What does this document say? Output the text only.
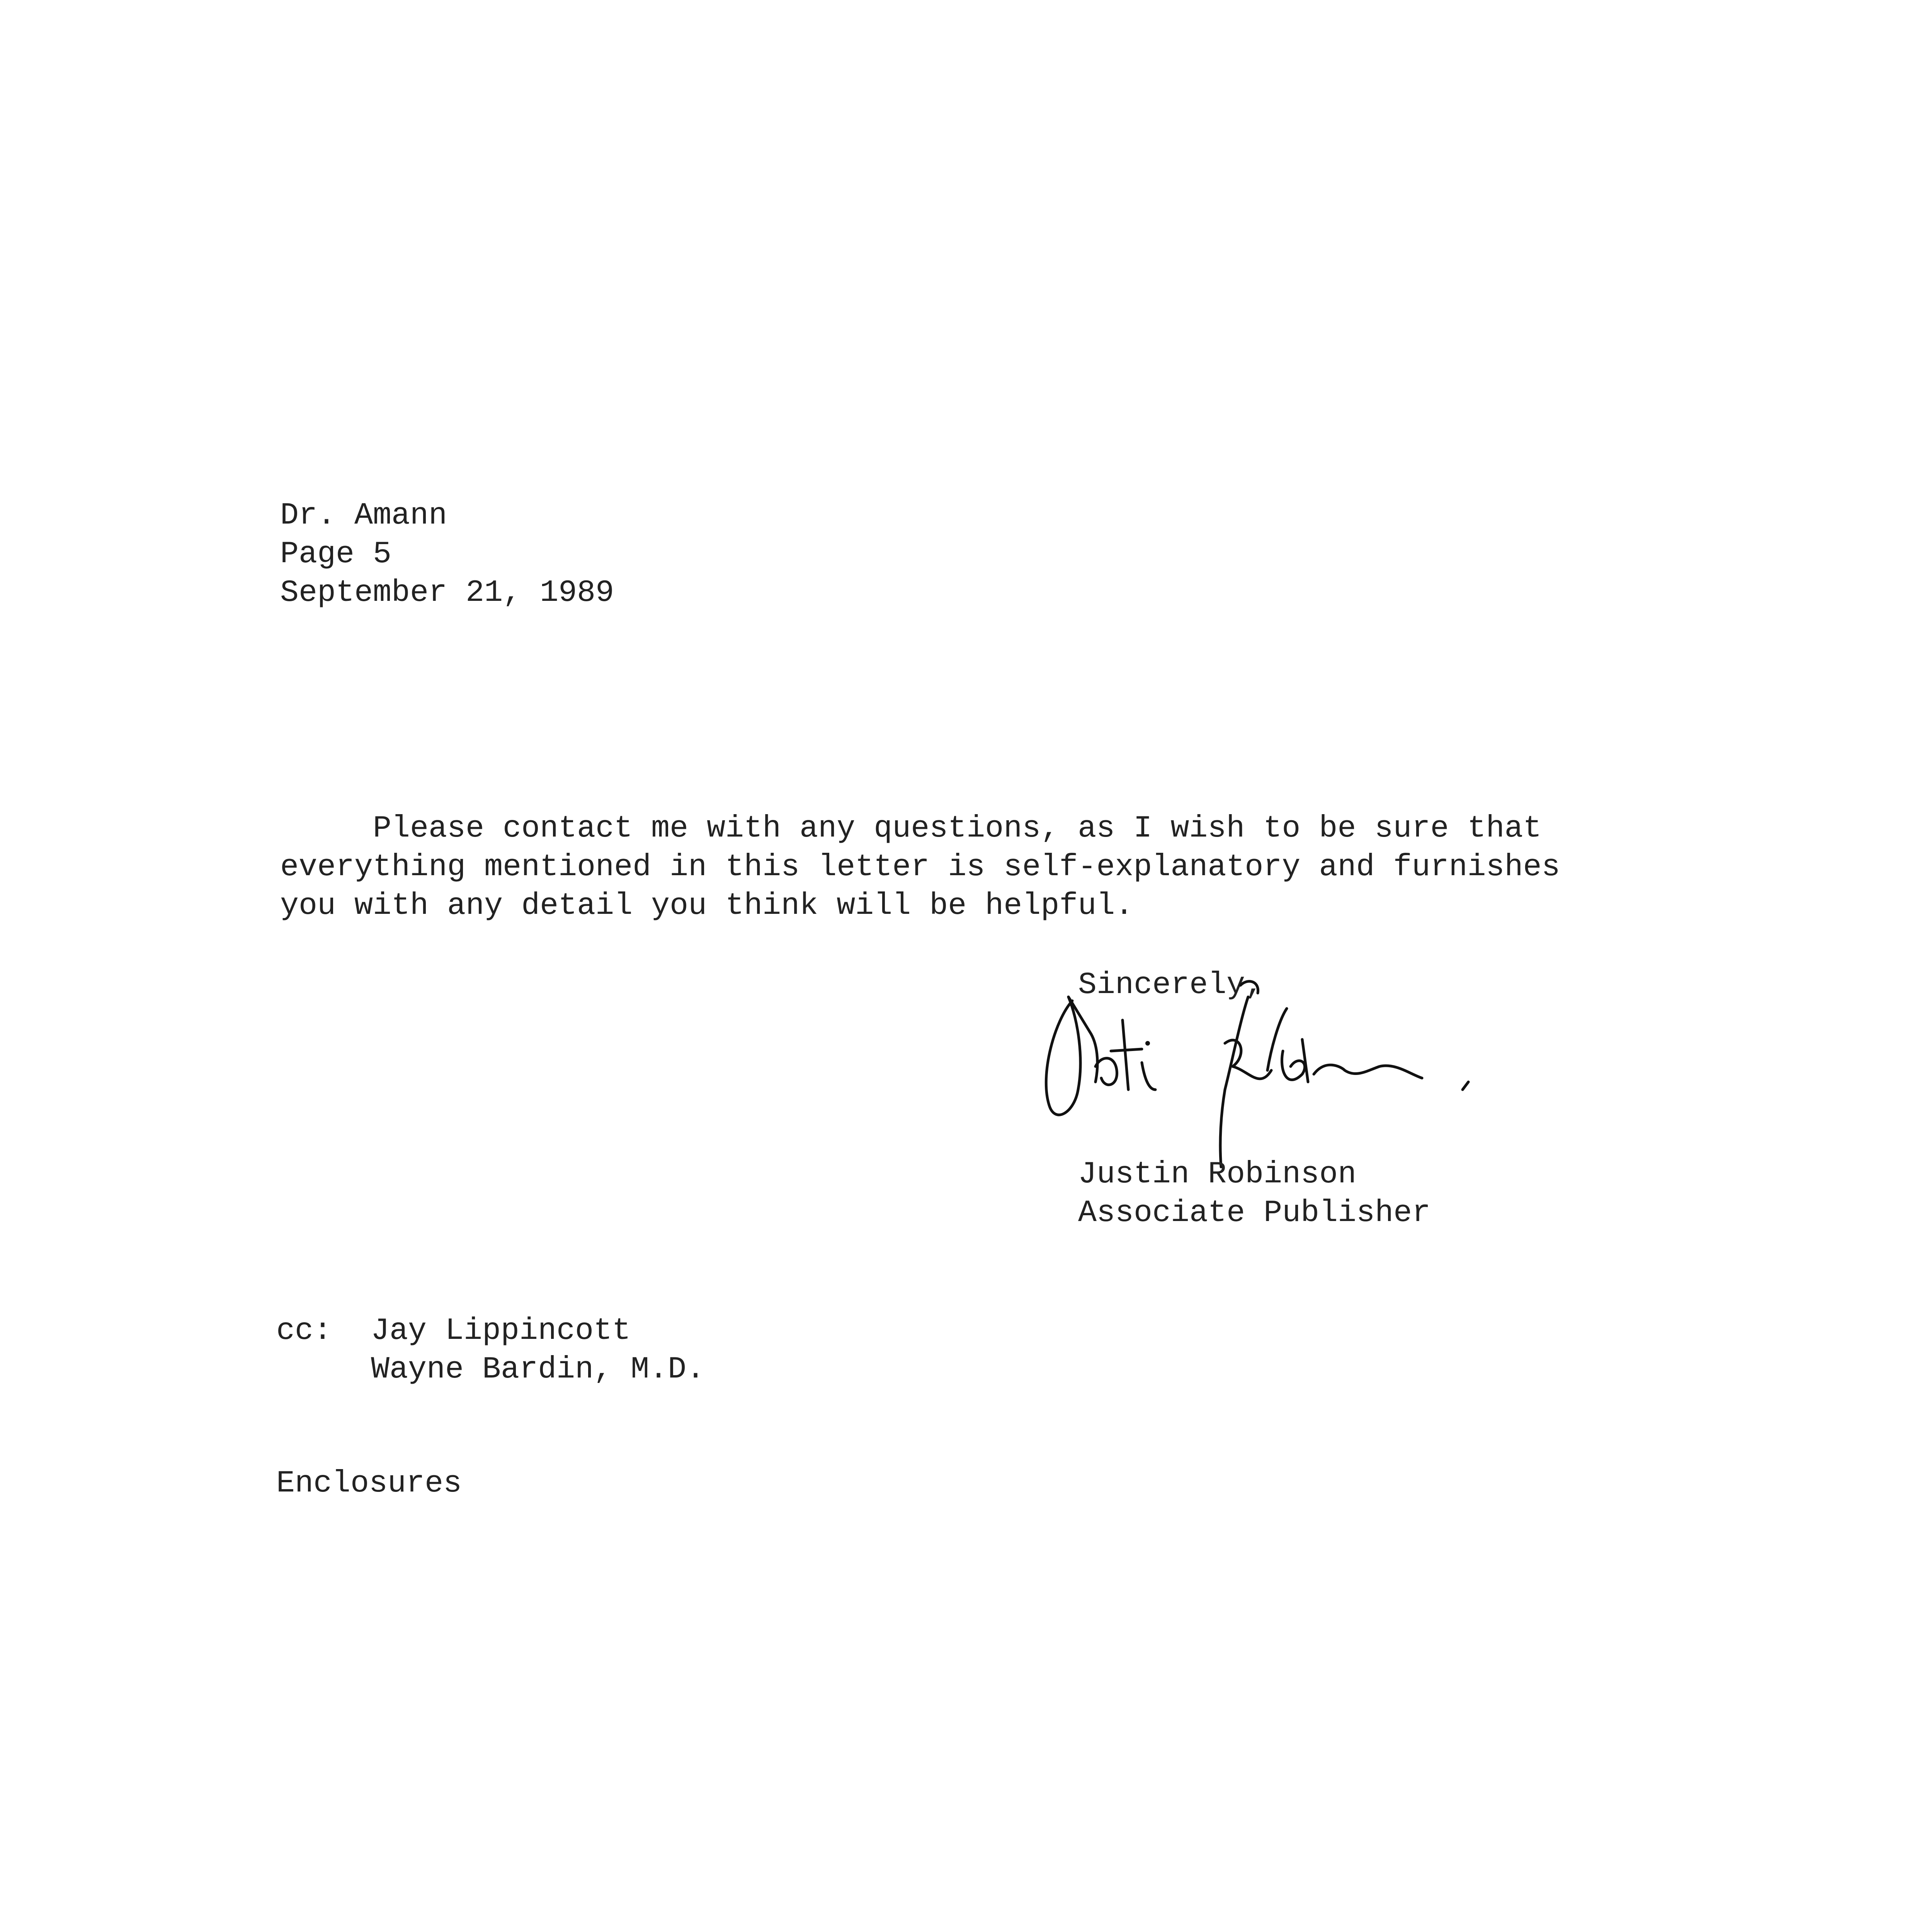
Dr. Amann
Page 5
September 21, 1989
Please contact me with any questions, as I wish to be sure that
everything mentioned in this letter is self-explanatory and furnishes
you with any detail you think will be helpful.
Sincerely,
Justin Robinson
Associate Publisher
cc: Jay Lippincott
Wayne Bardin, M.D.
Enclosures
